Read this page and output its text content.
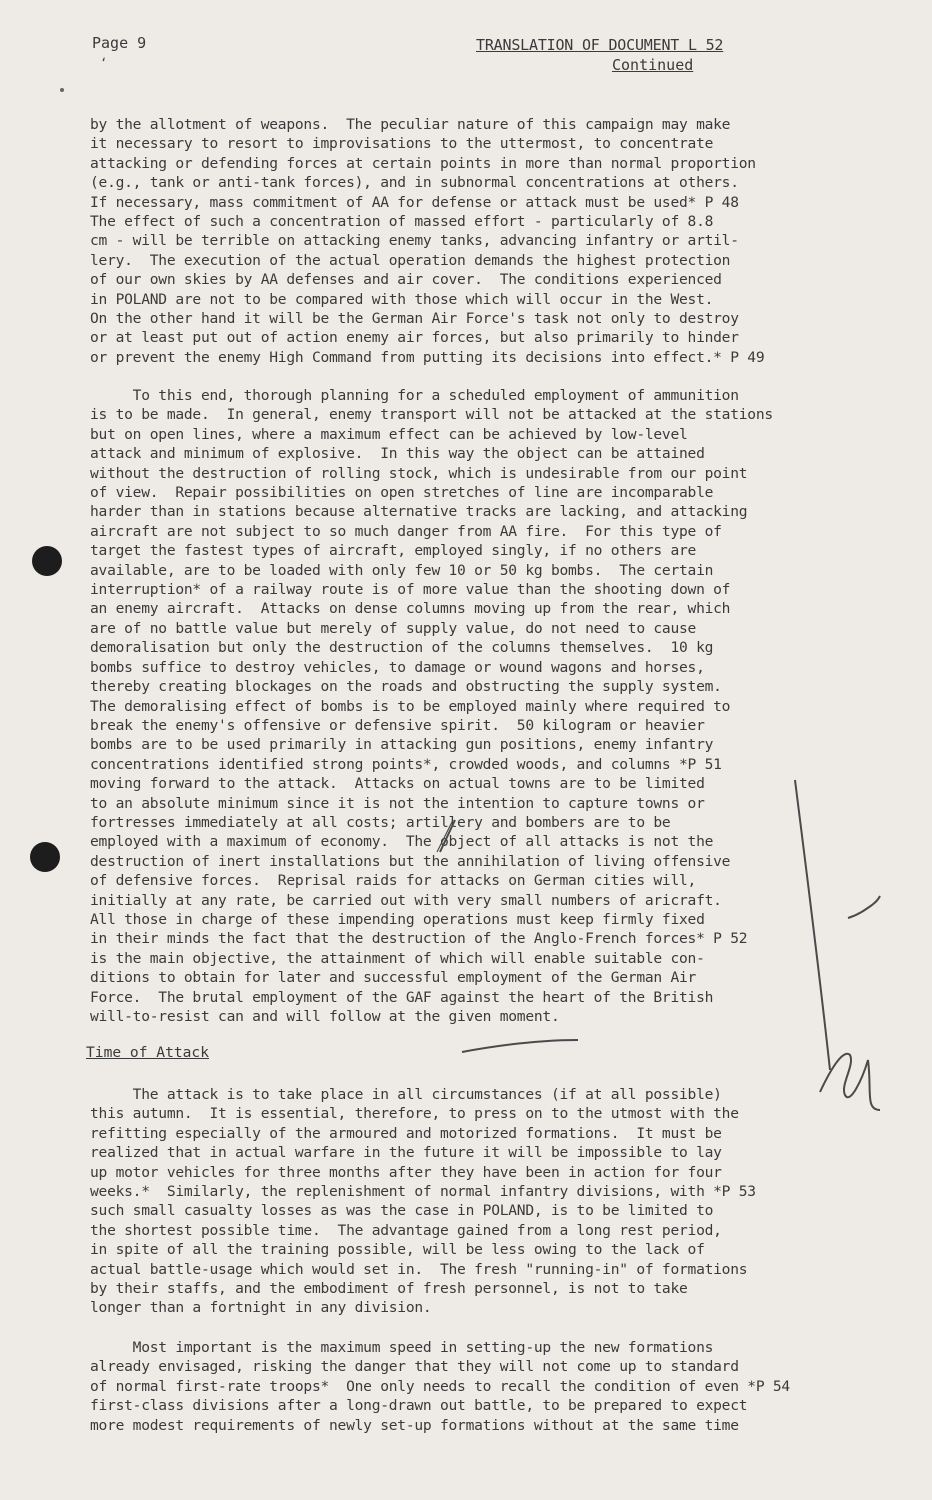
Page 9	TRANSLATION OF DOCUMENT L 52
Continued
‘
by the allotment of weapons.  The peculiar nature of this campaign may make
it necessary to resort to improvisations to the uttermost, to concentrate
attacking or defending forces at certain points in more than normal proportion
(e.g., tank or anti-tank forces), and in subnormal concentrations at others.
If necessary, mass commitment of AA for defense or attack must be used* P 48
The effect of such a concentration of massed effort - particularly of 8.8
cm - will be terrible on attacking enemy tanks, advancing infantry or artil-
lery.  The execution of the actual operation demands the highest protection
of our own skies by AA defenses and air cover.  The conditions experienced
in POLAND are not to be compared with those which will occur in the West.
On the other hand it will be the German Air Force's task not only to destroy
or at least put out of action enemy air forces, but also primarily to hinder
or prevent the enemy High Command from putting its decisions into effect.* P 49
To this end, thorough planning for a scheduled employment of ammunition
is to be made.  In general, enemy transport will not be attacked at the stations
but on open lines, where a maximum effect can be achieved by low-level
attack and minimum of explosive.  In this way the object can be attained
without the destruction of rolling stock, which is undesirable from our point
of view.  Repair possibilities on open stretches of line are incomparable
harder than in stations because alternative tracks are lacking, and attacking
aircraft are not subject to so much danger from AA fire.  For this type of
target the fastest types of aircraft, employed singly, if no others are
available, are to be loaded with only few 10 or 50 kg bombs.  The certain
interruption* of a railway route is of more value than the shooting down of
an enemy aircraft.  Attacks on dense columns moving up from the rear, which
are of no battle value but merely of supply value, do not need to cause
demoralisation but only the destruction of the columns themselves.  10 kg
bombs suffice to destroy vehicles, to damage or wound wagons and horses,
thereby creating blockages on the roads and obstructing the supply system.
The demoralising effect of bombs is to be employed mainly where required to
break the enemy's offensive or defensive spirit.  50 kilogram or heavier
bombs are to be used primarily in attacking gun positions, enemy infantry
concentrations identified strong points*, crowded woods, and columns *P 51
moving forward to the attack.  Attacks on actual towns are to be limited
to an absolute minimum since it is not the intention to capture towns or
fortresses immediately at all costs; artillery and bombers are to be
employed with a maximum of economy.  The object of all attacks is not the
destruction of inert installations but the annihilation of living offensive
of defensive forces.  Reprisal raids for attacks on German cities will,
initially at any rate, be carried out with very small numbers of aricraft.
All those in charge of these impending operations must keep firmly fixed
in their minds the fact that the destruction of the Anglo-French forces* P 52
is the main objective, the attainment of which will enable suitable con-
ditions to obtain for later and successful employment of the German Air
Force.  The brutal employment of the GAF against the heart of the British
will-to-resist can and will follow at the given moment.
Time of Attack
The attack is to take place in all circumstances (if at all possible)
this autumn.  It is essential, therefore, to press on to the utmost with the
refitting especially of the armoured and motorized formations.  It must be
realized that in actual warfare in the future it will be impossible to lay
up motor vehicles for three months after they have been in action for four
weeks.*  Similarly, the replenishment of normal infantry divisions, with *P 53
such small casualty losses as was the case in POLAND, is to be limited to
the shortest possible time.  The advantage gained from a long rest period,
in spite of all the training possible, will be less owing to the lack of
actual battle-usage which would set in.  The fresh "running-in" of formations
by their staffs, and the embodiment of fresh personnel, is not to take
longer than a fortnight in any division.
Most important is the maximum speed in setting-up the new formations
already envisaged, risking the danger that they will not come up to standard
of normal first-rate troops*  One only needs to recall the condition of even *P 54
first-class divisions after a long-drawn out battle, to be prepared to expect
more modest requirements of newly set-up formations without at the same time
